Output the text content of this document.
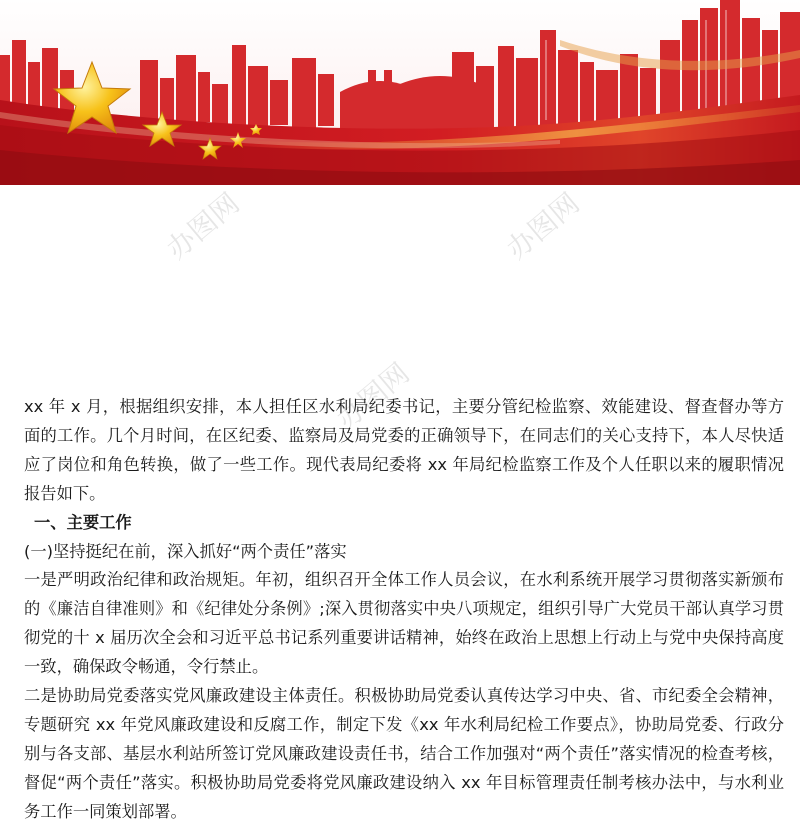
办图网	办图网
办图网

xx 年 x 月，根据组织安排，本人担任区水利局纪委书记，主要分管纪检监察、效能建设、督查督办等方面的工作。几个月时间，在区纪委、监察局及局党委的正确领导下，在同志们的关心支持下，本人尽快适应了岗位和角色转换，做了一些工作。现代表局纪委将 xx 年局纪检监察工作及个人任职以来的履职情况报告如下。

一、主要工作

(一)坚持挺纪在前，深入抓好“两个责任”落实

一是严明政治纪律和政治规矩。年初，组织召开全体工作人员会议，在水利系统开展学习贯彻落实新颁布的《廉洁自律准则》和《纪律处分条例》;深入贯彻落实中央八项规定，组织引导广大党员干部认真学习贯彻党的十 x 届历次全会和习近平总书记系列重要讲话精神，始终在政治上思想上行动上与党中央保持高度一致，确保政令畅通，令行禁止。

二是协助局党委落实党风廉政建设主体责任。积极协助局党委认真传达学习中央、省、市纪委全会精神，专题研究 xx 年党风廉政建设和反腐工作，制定下发《xx 年水利局纪检工作要点》，协助局党委、行政分别与各支部、基层水利站所签订党风廉政建设责任书，结合工作加强对“两个责任”落实情况的检查考核，督促“两个责任”落实。积极协助局党委将党风廉政建设纳入 xx 年目标管理责任制考核办法中，与水利业务工作一同策划部署。
